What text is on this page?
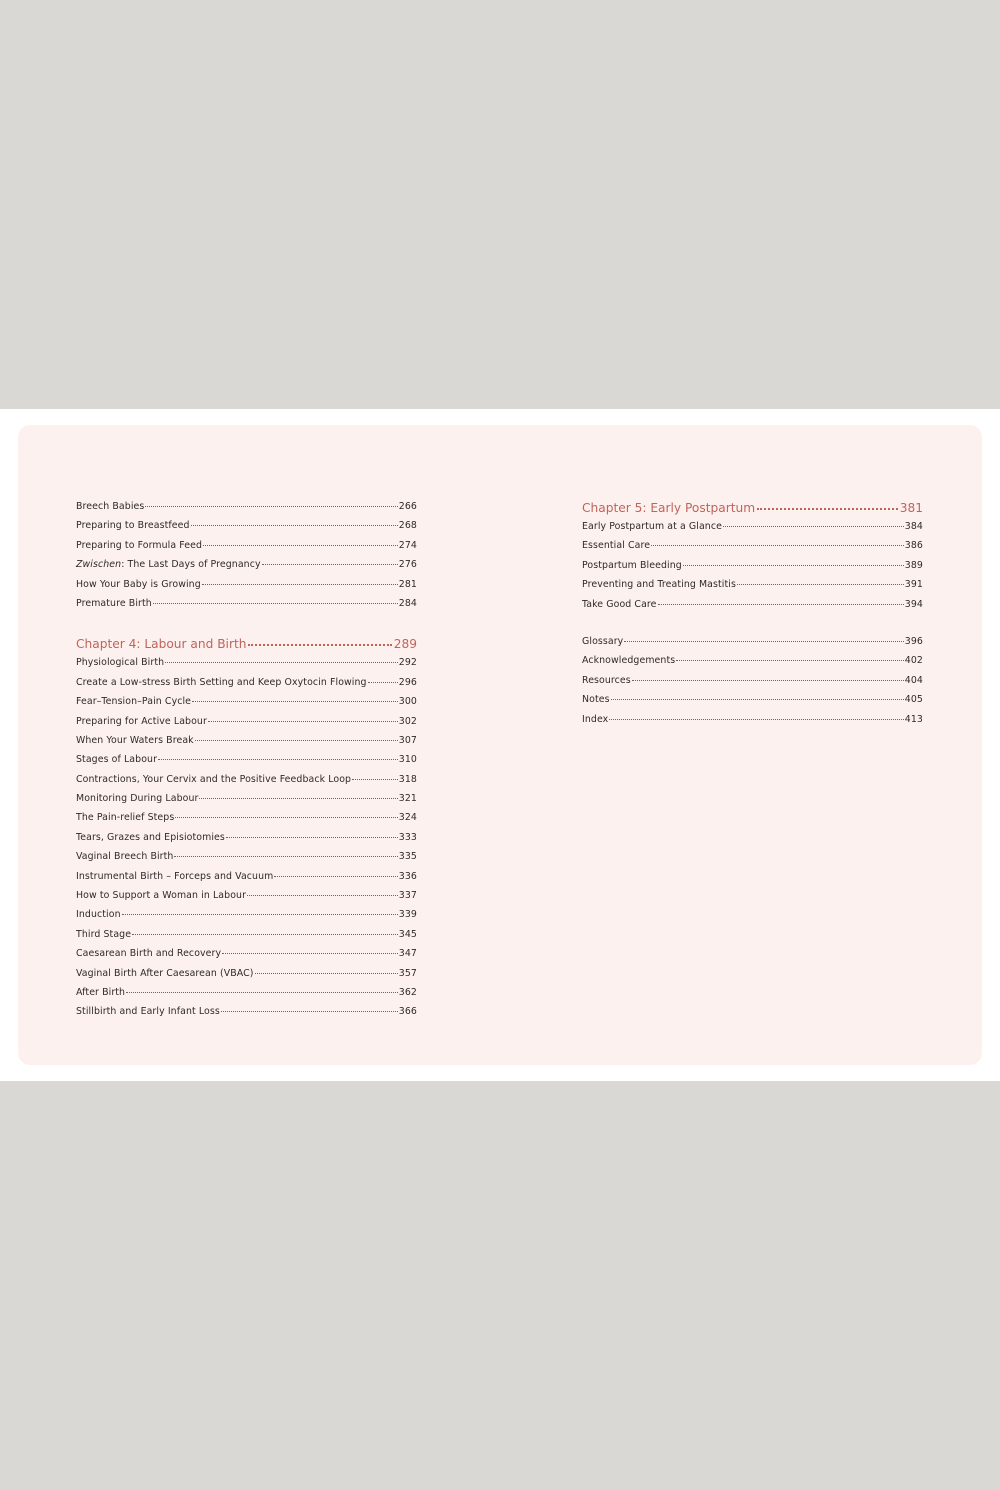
Breech Babies	266
Preparing to Breastfeed	268
Preparing to Formula Feed	274
Zwischen: The Last Days of Pregnancy	276
How Your Baby is Growing	281
Premature Birth	284
Chapter 4: Labour and Birth	289
Physiological Birth	292
Create a Low-stress Birth Setting and Keep Oxytocin Flowing	296
Fear–Tension–Pain Cycle	300
Preparing for Active Labour	302
When Your Waters Break	307
Stages of Labour	310
Contractions, Your Cervix and the Positive Feedback Loop	318
Monitoring During Labour	321
The Pain-relief Steps	324
Tears, Grazes and Episiotomies	333
Vaginal Breech Birth	335
Instrumental Birth – Forceps and Vacuum	336
How to Support a Woman in Labour	337
Induction	339
Third Stage	345
Caesarean Birth and Recovery	347
Vaginal Birth After Caesarean (VBAC)	357
After Birth	362
Stillbirth and Early Infant Loss	366
Chapter 5: Early Postpartum	381
Early Postpartum at a Glance	384
Essential Care	386
Postpartum Bleeding	389
Preventing and Treating Mastitis	391
Take Good Care	394
Glossary	396
Acknowledgements	402
Resources	404
Notes	405
Index	413
